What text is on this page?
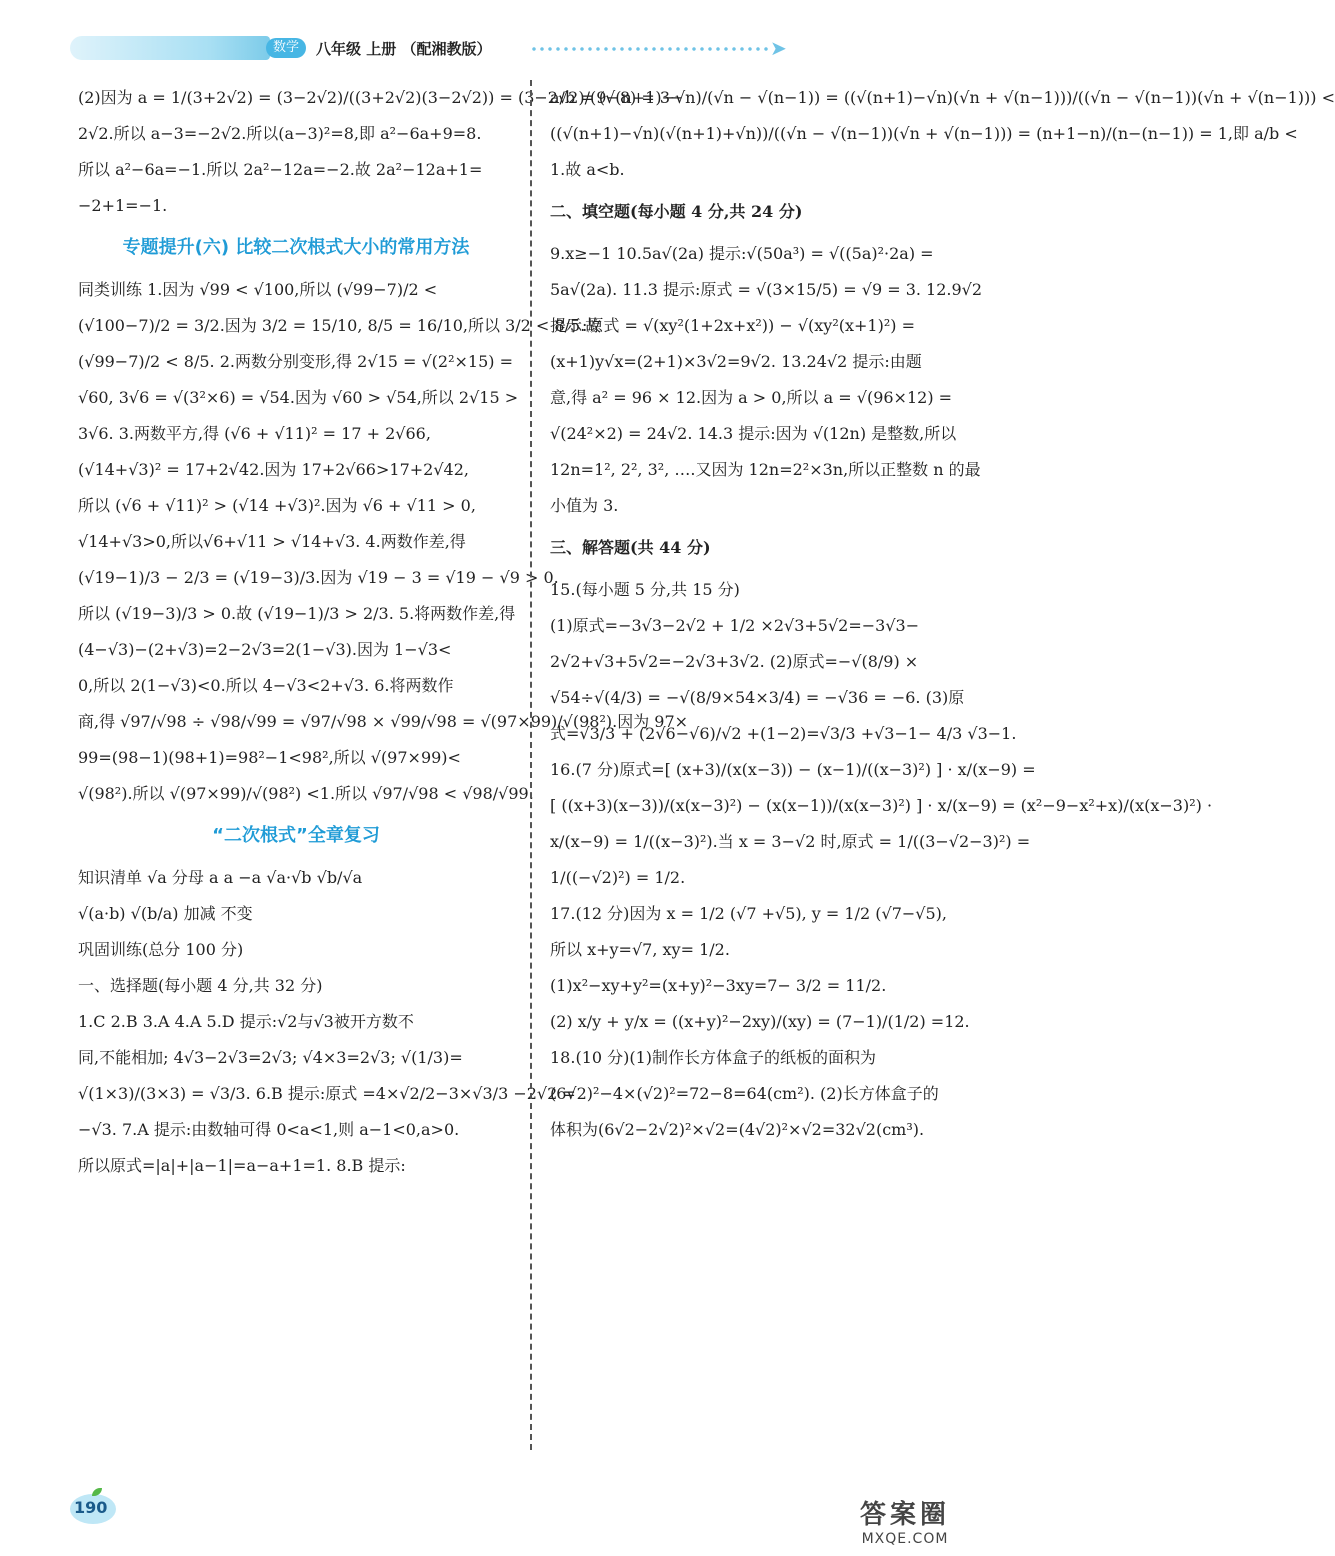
数学	八年级 上册 （配湘教版）	➤
(2)因为 a = 1/(3+2√2) = (3−2√2)/((3+2√2)(3−2√2)) = (3−2√2)/(9−8) = 3−
2√2.所以 a−3=−2√2.所以(a−3)²=8,即 a²−6a+9=8.
所以 a²−6a=−1.所以 2a²−12a=−2.故 2a²−12a+1=
−2+1=−1.
专题提升(六) 比较二次根式大小的常用方法
同类训练 1.因为 √99 < √100,所以 (√99−7)/2 <
(√100−7)/2 = 3/2.因为 3/2 = 15/10, 8/5 = 16/10,所以 3/2 < 8/5.故
(√99−7)/2 < 8/5. 2.两数分别变形,得 2√15 = √(2²×15) =
√60, 3√6 = √(3²×6) = √54.因为 √60 > √54,所以 2√15 >
3√6. 3.两数平方,得 (√6 + √11)² = 17 + 2√66,
(√14+√3)² = 17+2√42.因为 17+2√66>17+2√42,
所以 (√6 + √11)² > (√14 +√3)².因为 √6 + √11 > 0,
√14+√3>0,所以√6+√11 > √14+√3. 4.两数作差,得
(√19−1)/3 − 2/3 = (√19−3)/3.因为 √19 − 3 = √19 − √9 > 0.
所以 (√19−3)/3 > 0.故 (√19−1)/3 > 2/3. 5.将两数作差,得
(4−√3)−(2+√3)=2−2√3=2(1−√3).因为 1−√3<
0,所以 2(1−√3)<0.所以 4−√3<2+√3. 6.将两数作
商,得 √97/√98 ÷ √98/√99 = √97/√98 × √99/√98 = √(97×99)/√(98²).因为 97×
99=(98−1)(98+1)=98²−1<98²,所以 √(97×99)<
√(98²).所以 √(97×99)/√(98²) <1.所以 √97/√98 < √98/√99.
“二次根式”全章复习
知识清单 √a 分母 a a −a √a·√b √b/√a
√(a·b) √(b/a) 加减 不变
巩固训练(总分 100 分)
一、选择题(每小题 4 分,共 32 分)
1.C 2.B 3.A 4.A 5.D 提示:√2与√3被开方数不
同,不能相加; 4√3−2√3=2√3; √4×3=2√3; √(1/3)=
√(1×3)/(3×3) = √3/3. 6.B 提示:原式 =4×√2/2−3×√3/3 −2√2 =
−√3. 7.A 提示:由数轴可得 0<a<1,则 a−1<0,a>0.
所以原式=|a|+|a−1|=a−a+1=1. 8.B 提示:
a/b = (√(n+1)−√n)/(√n − √(n−1)) = ((√(n+1)−√n)(√n + √(n−1)))/((√n − √(n−1))(√n + √(n−1))) <
((√(n+1)−√n)(√(n+1)+√n))/((√n − √(n−1))(√n + √(n−1))) = (n+1−n)/(n−(n−1)) = 1,即 a/b <
1.故 a<b.
二、填空题(每小题 4 分,共 24 分)
9.x≥−1 10.5a√(2a) 提示:√(50a³) = √((5a)²·2a) =
5a√(2a). 11.3 提示:原式 = √(3×15/5) = √9 = 3. 12.9√2
提示:原式 = √(xy²(1+2x+x²)) − √(xy²(x+1)²) =
(x+1)y√x=(2+1)×3√2=9√2. 13.24√2 提示:由题
意,得 a² = 96 × 12.因为 a > 0,所以 a = √(96×12) =
√(24²×2) = 24√2. 14.3 提示:因为 √(12n) 是整数,所以
12n=1², 2², 3², ….又因为 12n=2²×3n,所以正整数 n 的最
小值为 3.
三、解答题(共 44 分)
15.(每小题 5 分,共 15 分)
(1)原式=−3√3−2√2 + 1/2 ×2√3+5√2=−3√3−
2√2+√3+5√2=−2√3+3√2. (2)原式=−√(8/9) ×
√54÷√(4/3) = −√(8/9×54×3/4) = −√36 = −6. (3)原
式=√3/3 + (2√6−√6)/√2 +(1−2)=√3/3 +√3−1− 4/3 √3−1.
16.(7 分)原式=[ (x+3)/(x(x−3)) − (x−1)/((x−3)²) ] · x/(x−9) =
[ ((x+3)(x−3))/(x(x−3)²) − (x(x−1))/(x(x−3)²) ] · x/(x−9) = (x²−9−x²+x)/(x(x−3)²) ·
x/(x−9) = 1/((x−3)²).当 x = 3−√2 时,原式 = 1/((3−√2−3)²) =
1/((−√2)²) = 1/2.
17.(12 分)因为 x = 1/2 (√7 +√5), y = 1/2 (√7−√5),
所以 x+y=√7, xy= 1/2.
(1)x²−xy+y²=(x+y)²−3xy=7− 3/2 = 11/2.
(2) x/y + y/x = ((x+y)²−2xy)/(xy) = (7−1)/(1/2) =12.
18.(10 分)(1)制作长方体盒子的纸板的面积为
(6√2)²−4×(√2)²=72−8=64(cm²). (2)长方体盒子的
体积为(6√2−2√2)²×√2=(4√2)²×√2=32√2(cm³).
190	答案圈
MXQE.COM
